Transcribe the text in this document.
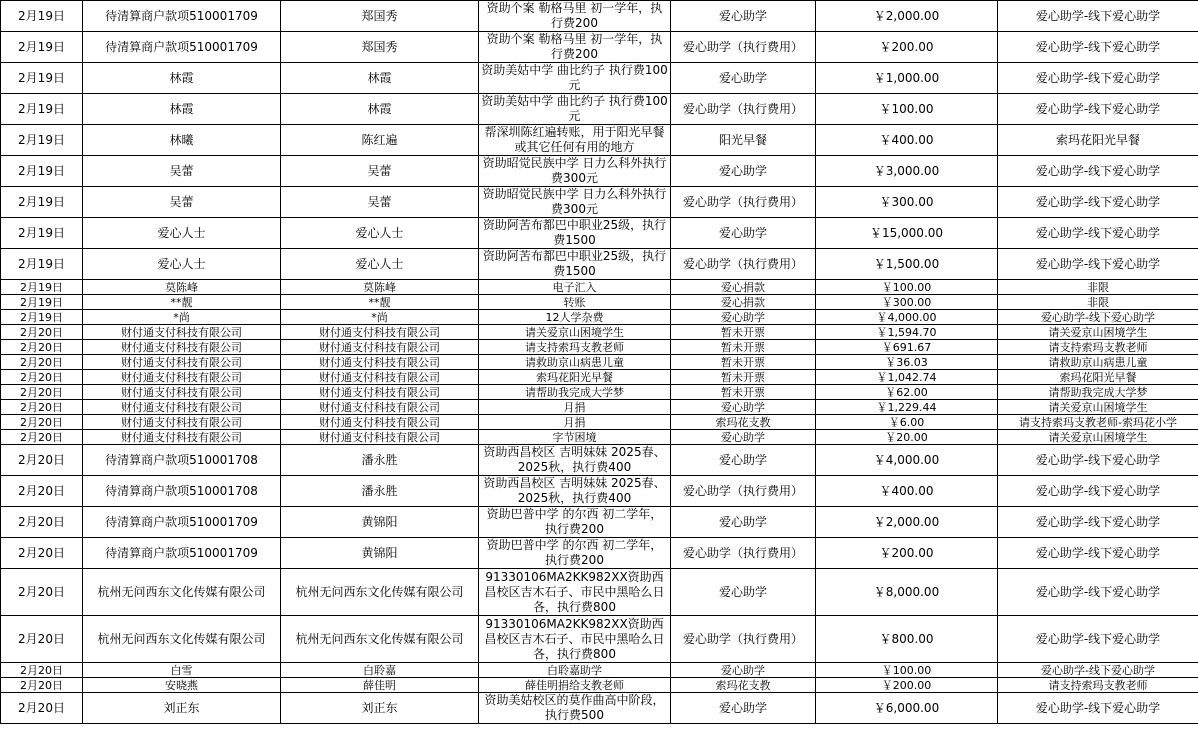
2月19日	待清算商户款项510001709	郑国秀	资助个案 勒格马里 初一学年，执行费200	爱心助学	￥2,000.00	爱心助学-线下爱心助学
2月19日	待清算商户款项510001709	郑国秀	资助个案 勒格马里 初一学年，执行费200	爱心助学（执行费用）	￥200.00	爱心助学-线下爱心助学
2月19日	林霞	林霞	资助美姑中学 曲比约子 执行费100元	爱心助学	￥1,000.00	爱心助学-线下爱心助学
2月19日	林霞	林霞	资助美姑中学 曲比约子 执行费100元	爱心助学（执行费用）	￥100.00	爱心助学-线下爱心助学
2月19日	林曦	陈红遍	帮深圳陈红遍转账，用于阳光早餐或其它任何有用的地方	阳光早餐	￥400.00	索玛花阳光早餐
2月19日	吴蕾	吴蕾	资助昭觉民族中学 日力么科外执行费300元	爱心助学	￥3,000.00	爱心助学-线下爱心助学
2月19日	吴蕾	吴蕾	资助昭觉民族中学 日力么科外执行费300元	爱心助学（执行费用）	￥300.00	爱心助学-线下爱心助学
2月19日	爱心人士	爱心人士	资助阿苦布都巴中职业25级，执行费1500	爱心助学	￥15,000.00	爱心助学-线下爱心助学
2月19日	爱心人士	爱心人士	资助阿苦布都巴中职业25级，执行费1500	爱心助学（执行费用）	￥1,500.00	爱心助学-线下爱心助学
2月19日	莫陈峰	莫陈峰	电子汇入	爱心捐款	￥100.00	非限
2月19日	**靓	**靓	转账	爱心捐款	￥300.00	非限
2月19日	*尚	*尚	12人学杂费	爱心助学	￥4,000.00	爱心助学-线下爱心助学
2月20日	财付通支付科技有限公司	财付通支付科技有限公司	请关爱京山困境学生	暂未开票	￥1,594.70	请关爱京山困境学生
2月20日	财付通支付科技有限公司	财付通支付科技有限公司	请支持索玛支教老师	暂未开票	￥691.67	请支持索玛支教老师
2月20日	财付通支付科技有限公司	财付通支付科技有限公司	请救助京山病患儿童	暂未开票	￥36.03	请救助京山病患儿童
2月20日	财付通支付科技有限公司	财付通支付科技有限公司	索玛花阳光早餐	暂未开票	￥1,042.74	索玛花阳光早餐
2月20日	财付通支付科技有限公司	财付通支付科技有限公司	请帮助我完成大学梦	暂未开票	￥62.00	请帮助我完成大学梦
2月20日	财付通支付科技有限公司	财付通支付科技有限公司	月捐	爱心助学	￥1,229.44	请关爱京山困境学生
2月20日	财付通支付科技有限公司	财付通支付科技有限公司	月捐	索玛花支教	￥6.00	请支持索玛支教老师-索玛花小学
2月20日	财付通支付科技有限公司	财付通支付科技有限公司	字节困境	爱心助学	￥20.00	请关爱京山困境学生
2月20日	待清算商户款项510001708	潘永胜	资助西昌校区 吉明妹妹 2025春、2025秋，执行费400	爱心助学	￥4,000.00	爱心助学-线下爱心助学
2月20日	待清算商户款项510001708	潘永胜	资助西昌校区 吉明妹妹 2025春、2025秋，执行费400	爱心助学（执行费用）	￥400.00	爱心助学-线下爱心助学
2月20日	待清算商户款项510001709	黄锦阳	资助巴普中学 的尔西 初二学年，执行费200	爱心助学	￥2,000.00	爱心助学-线下爱心助学
2月20日	待清算商户款项510001709	黄锦阳	资助巴普中学 的尔西 初二学年，执行费200	爱心助学（执行费用）	￥200.00	爱心助学-线下爱心助学
2月20日	杭州无问西东文化传媒有限公司	杭州无问西东文化传媒有限公司	91330106MA2KK982XX资助西昌校区吉木石子、市民中黑哈么日各，执行费800	爱心助学	￥8,000.00	爱心助学-线下爱心助学
2月20日	杭州无问西东文化传媒有限公司	杭州无问西东文化传媒有限公司	91330106MA2KK982XX资助西昌校区吉木石子、市民中黑哈么日各，执行费800	爱心助学（执行费用）	￥800.00	爱心助学-线下爱心助学
2月20日	白雪	白聆嘉	白聆嘉助学	爱心助学	￥100.00	爱心助学-线下爱心助学
2月20日	安晓燕	薛佳明	薛佳明捐给支教老师	索玛花支教	￥200.00	请支持索玛支教老师
2月20日	刘正东	刘正东	资助美姑校区的莫作曲高中阶段，执行费500	爱心助学	￥6,000.00	爱心助学-线下爱心助学
